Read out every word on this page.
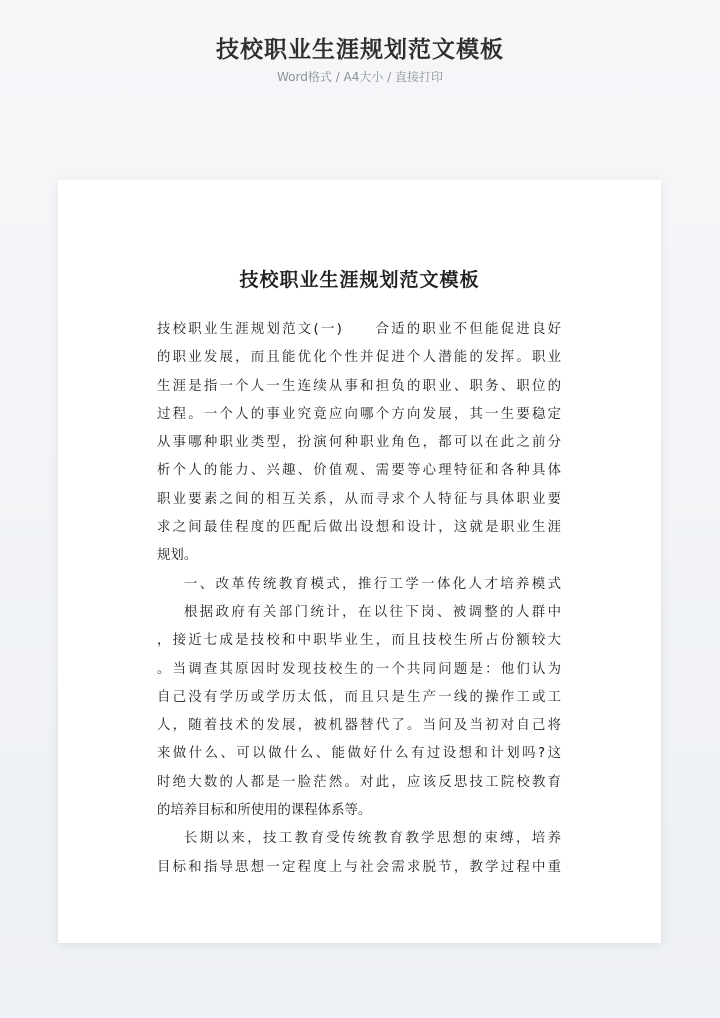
技校职业生涯规划范文模板
Word格式 / A4大小 / 直接打印
技校职业生涯规划范文模板
技校职业生涯规划范文(一)　　合适的职业不但能促进良好
的职业发展，而且能优化个性并促进个人潜能的发挥。职业
生涯是指一个人一生连续从事和担负的职业、职务、职位的
过程。一个人的事业究竟应向哪个方向发展，其一生要稳定
从事哪种职业类型，扮演何种职业角色，都可以在此之前分
析个人的能力、兴趣、价值观、需要等心理特征和各种具体
职业要素之间的相互关系，从而寻求个人特征与具体职业要
求之间最佳程度的匹配后做出设想和设计，这就是职业生涯
规划。
一、改革传统教育模式，推行工学一体化人才培养模式
根据政府有关部门统计，在以往下岗、被调整的人群中
，接近七成是技校和中职毕业生，而且技校生所占份额较大
。当调查其原因时发现技校生的一个共同问题是：他们认为
自己没有学历或学历太低，而且只是生产一线的操作工或工
人，随着技术的发展，被机器替代了。当问及当初对自己将
来做什么、可以做什么、能做好什么有过设想和计划吗?这
时绝大数的人都是一脸茫然。对此，应该反思技工院校教育
的培养目标和所使用的课程体系等。
长期以来，技工教育受传统教育教学思想的束缚，培养
目标和指导思想一定程度上与社会需求脱节，教学过程中重
